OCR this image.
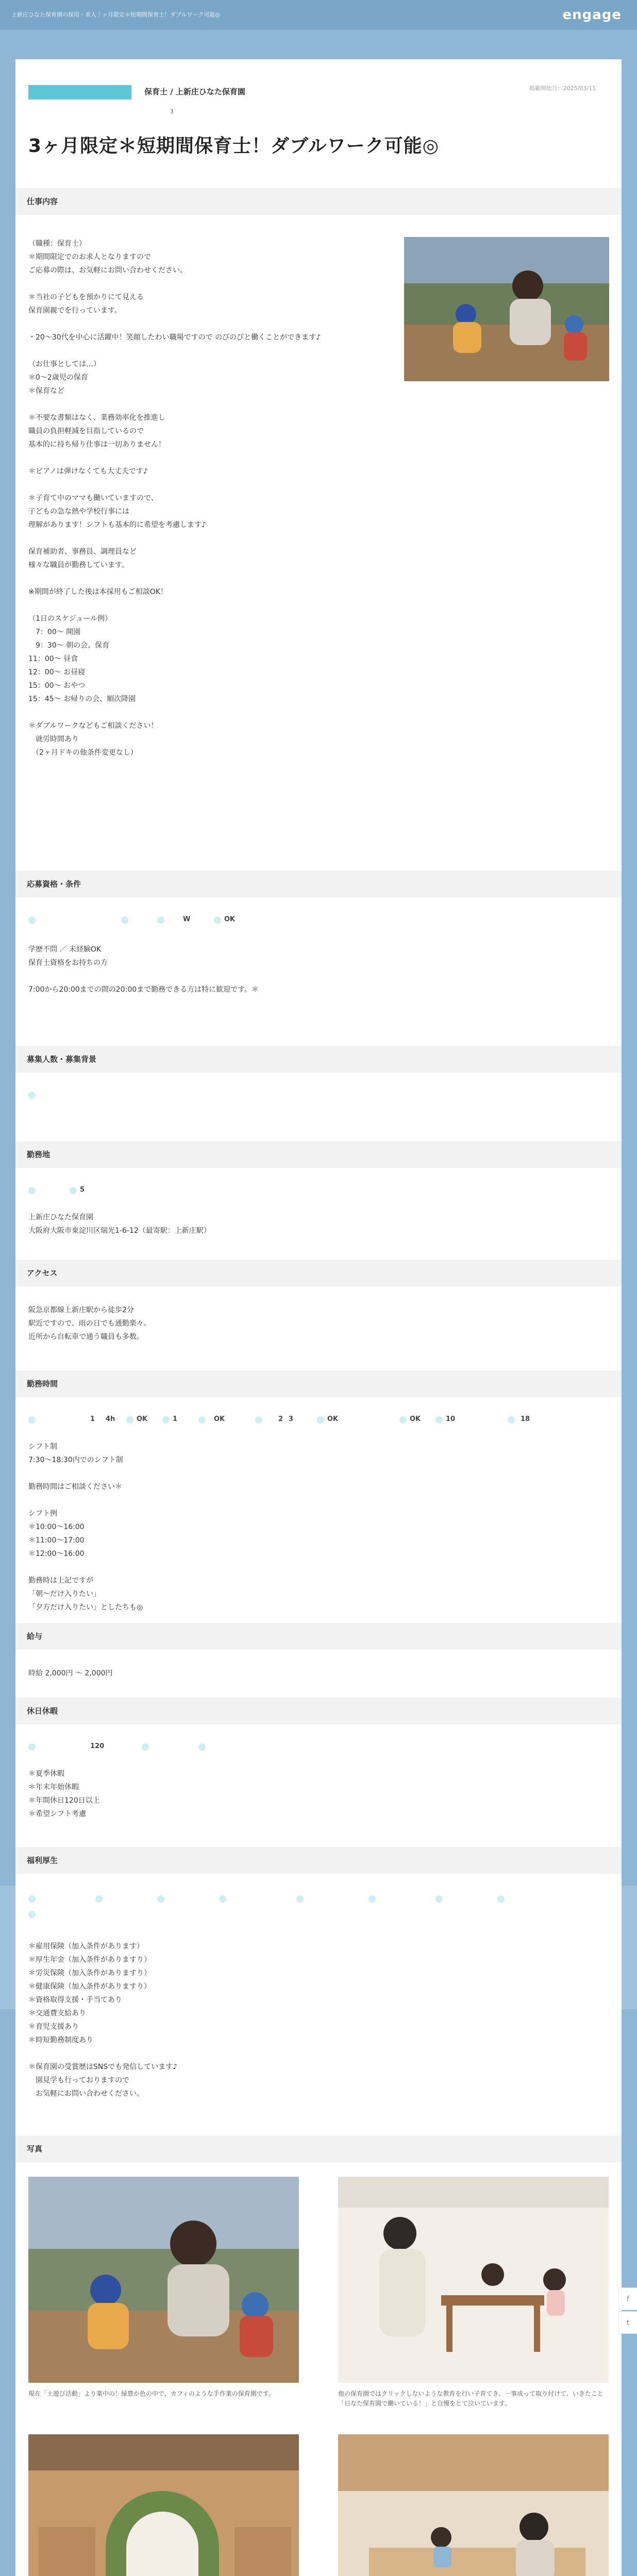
上新庄ひなた保育園の採用・求人｜ヶ月限定＊短期間保育士！ダブルワーク可能◎	engage
掲載開始日：2025/03/11
保育士 / 上新庄ひなた保育園
3
3ヶ月限定＊短期間保育士！ダブルワーク可能◎
仕事内容
（職種：保育士）
＊期間限定でのお求人となりますので
ご応募の際は、お気軽にお問い合わせください。

＊当社の子どもを預かりにて見える
保育園親でを行っています。

・20〜30代を中心に活躍中！笑顔したわい職場ですので のびのびと働くことができます♪

（お仕事としては…）
＊0〜2歳児の保育
＊保育など

＊不要な書類はなく、業務効率化を推進し
職員の負担軽減を目指しているので
基本的に持ち帰り仕事は一切ありません！

＊ピアノは弾けなくても大丈夫です♪

＊子育て中のママも働いていますので、
子どもの急な熱や学校行事には
理解があります！シフトも基本的に希望を考慮します♪

保育補助者、事務員、調理員など
様々な職員が勤務しています。

※期間が終了した後は本採用もご相談OK！

（1日のスケジュール例）
　7：00〜 開園
　9：30〜 朝の会、保育
11：00〜 昼食
12：00〜 お昼寝
15：00〜 おやつ
15：45〜 お帰りの会、順次降園

＊ダブルワークなどもご相談ください！
　就労時間あり
　（2ヶ月ドキの他条件変更なし）
応募資格・条件
W	OK
学歴不問 ／ 未経験OK
保育士資格をお持ちの方

7:00から20:00までの間の20:00まで勤務できる方は特に歓迎です。＊
募集人数・募集背景
勤務地
5
上新庄ひなた保育園
大阪府大阪市東淀川区瑞光1-6-12（最寄駅：上新庄駅）
アクセス
阪急京都線上新庄駅から徒歩2分
駅近ですので、雨の日でも通勤楽々。
近所から自転車で通う職員も多数。
勤務時間
1 4h	OK	1	OK	2 3	OK	OK	10	18
シフト制
7:30〜18:30内でのシフト制

勤務時間はご相談ください＊

シフト例
＊10:00〜16:00
＊11:00〜17:00
＊12:00〜16:00

勤務時は上記ですが
「朝〜だけ入りたい」
「夕方だけ入りたい」としたちも◎
給与
時給 2,000円 〜 2,000円
休日休暇
120
＊夏季休暇
＊年末年始休暇
＊年間休日120日以上
＊希望シフト考慮
福利厚生
＊雇用保険（加入条件があります）
＊厚生年金（加入条件がありますり）
＊労災保険（加入条件がありますり）
＊健康保険（加入条件がありますり）
＊資格取得支援・手当てあり
＊交通費支給あり
＊育児支援あり
＊時短勤務制度あり

＊保育園の受賞歴はSNSでも発信しています♪
　園見学も行っておりますので
　お気軽にお問い合わせください。
写真
現在「土遊び活動」より楽中の！緑豊か色の中で、カフィのような手作業の保育園です。	他の保育園ではクリックしないような教育を行い子育てき、一事成って取り付けて、いきたこと「日なた保育園で働いている！」と自慢をとて泣いています。
f
t
